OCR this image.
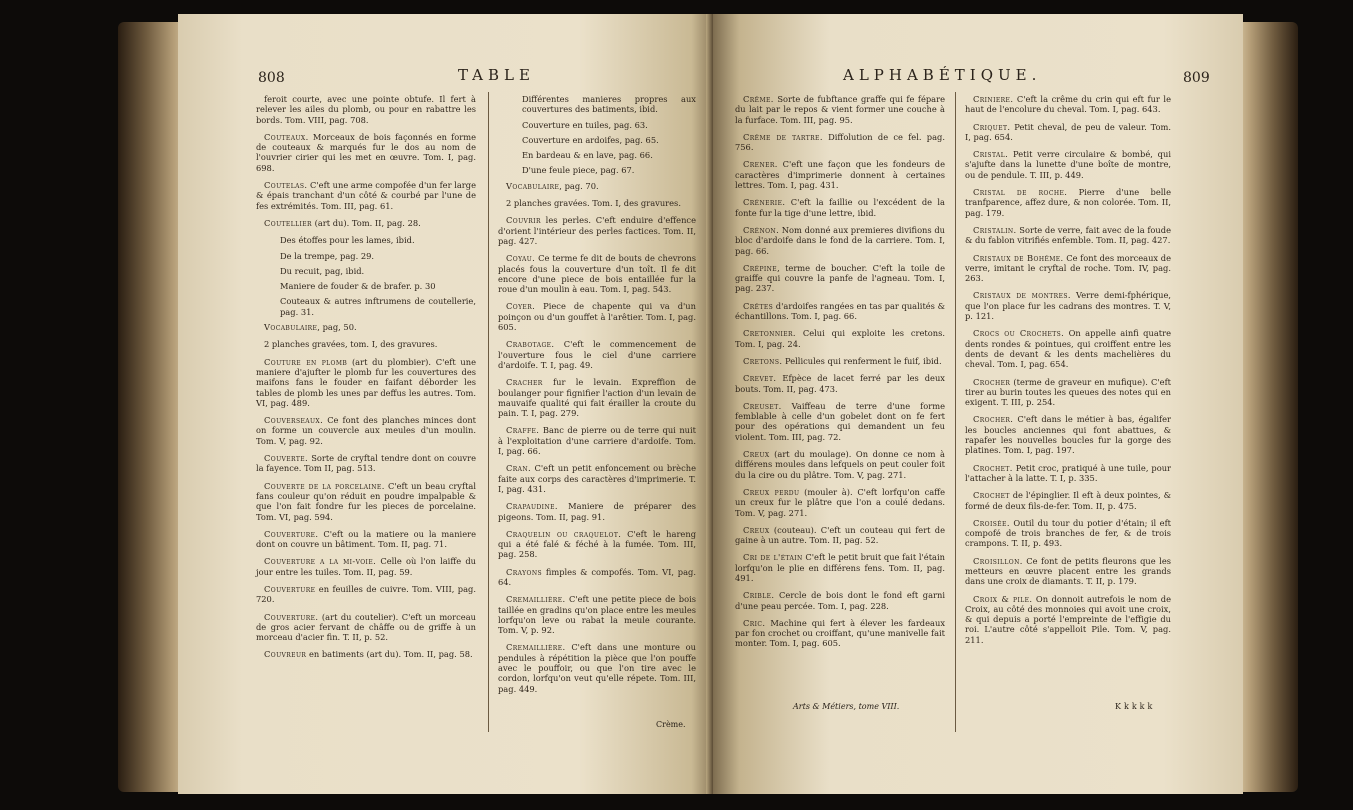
808	TABLE

feroit courte, avec une pointe obtufe. Il fert à relever les ailes du plomb, ou pour en rabattre les bords. Tom. VIII, pag. 708.

Couteaux. Morceaux de bois façonnés en forme de couteaux & marqués fur le dos au nom de l'ouvrier cirier qui les met en œuvre. Tom. I, pag. 698.

Coutelas. C'eft une arme compofée d'un fer large & épais tranchant d'un côté & courbé par l'une de fes extrémités. Tom. III, pag. 61.

Coutellier (art du). Tom. II, pag. 28.

Des étoffes pour les lames, ibid.

De la trempe, pag. 29.

Du recuit, pag, ibid.

Maniere de fouder & de brafer. p. 30

Couteaux & autres inftrumens de coutellerie, pag. 31.

Vocabulaire, pag, 50.

2 planches gravées, tom. I, des gravures.

Couture en plomb (art du plombier). C'eft une maniere d'ajufter le plomb fur les couvertures des maifons fans le fouder en faifant déborder les tables de plomb les unes par deffus les autres. Tom. VI, pag. 489.

Couverseaux. Ce font des planches minces dont on forme un couvercle aux meules d'un moulin. Tom. V, pag. 92.

Couverte. Sorte de cryftal tendre dont on couvre la fayence. Tom II, pag. 513.

Couverte de la porcelaine. C'eft un beau cryftal fans couleur qu'on réduit en poudre impalpable & que l'on fait fondre fur les pieces de porcelaine. Tom. VI, pag. 594.

Couverture. C'eft ou la matiere ou la maniere dont on couvre un bâtiment. Tom. II, pag. 71.

Couverture a la mi-voie. Celle où l'on laiffe du jour entre les tuiles. Tom. II, pag. 59.

Couverture en feuilles de cuivre. Tom. VIII, pag. 720.

Couverture. (art du coutelier). C'eft un morceau de gros acier fervant de châffe ou de griffe à un morceau d'acier fin. T. II, p. 52.

Couvreur en batiments (art du). Tom. II, pag. 58.

Différentes manieres propres aux couvertures des batiments, ibid.

Couverture en tuiles, pag. 63.

Couverture en ardoifes, pag. 65.

En bardeau & en lave, pag. 66.

D'une feule piece, pag. 67.

Vocabulaire, pag. 70.

2 planches gravées. Tom. I, des gravures.

Couvrir les perles. C'eft enduire d'effence d'orient l'intérieur des perles factices. Tom. II, pag. 427.

Coyau. Ce terme fe dit de bouts de chevrons placés fous la couverture d'un toît. Il fe dit encore d'une piece de bois entaillée fur la roue d'un moulin à eau. Tom. I, pag. 543.

Coyer. Piece de chapente qui va d'un poinçon ou d'un gouffet à l'arêtier. Tom. I, pag. 605.

Crabotage. C'eft le commencement de l'ouverture fous le ciel d'une carriere d'ardoife. T. I, pag. 49.

Cracher fur le levain. Expreffion de boulanger pour fignifier l'action d'un levain de mauvaife qualité qui fait érailler la croute du pain. T. I, pag. 279.

Craffe. Banc de pierre ou de terre qui nuit à l'exploitation d'une carriere d'ardoife. Tom. I, pag. 66.

Cran. C'eft un petit enfoncement ou brèche faite aux corps des caractères d'imprimerie. T. I, pag. 431.

Crapaudine. Maniere de préparer des pigeons. Tom. II, pag. 91.

Craquelin ou craquelot. C'eft le hareng qui a été falé & féché à la fumée. Tom. III, pag. 258.

Crayons fimples & compofés. Tom. VI, pag. 64.

Cremaillière. C'eft une petite piece de bois taillée en gradins qu'on place entre les meules lorfqu'on leve ou rabat la meule courante. Tom. V, p. 92.

Cremaillière. C'eft dans une monture ou pendules à répétition la pièce que l'on pouffe avec le pouffoir, ou que l'on tire avec le cordon, lorfqu'on veut qu'elle répete. Tom. III, pag. 449.

Crème.
ALPHABÉTIQUE.	809

Crême. Sorte de fubftance graffe qui fe fépare du lait par le repos & vient former une couche à la furface. Tom. III, pag. 95.

Crême de tartre. Diffolution de ce fel. pag. 756.

Crener. C'eft une façon que les fondeurs de caractères d'imprimerie donnent à certaines lettres. Tom. I, pag. 431.

Crénerie. C'eft la faillie ou l'excédent de la fonte fur la tige d'une lettre, ibid.

Crénon. Nom donné aux premieres divifions du bloc d'ardoife dans le fond de la carriere. Tom. I, pag. 66.

Crépine, terme de boucher. C'eft la toile de graiffe qui couvre la panfe de l'agneau. Tom. I, pag. 237.

Crêtes d'ardoifes rangées en tas par qualités & échantillons. Tom. I, pag. 66.

Cretonnier. Celui qui exploite les cretons. Tom. I, pag. 24.

Cretons. Pellicules qui renferment le fuif, ibid.

Crevet. Efpèce de lacet ferré par les deux bouts. Tom. II, pag. 473.

Creuset. Vaiffeau de terre d'une forme femblable à celle d'un gobelet dont on fe fert pour des opérations qui demandent un feu violent. Tom. III, pag. 72.

Creux (art du moulage). On donne ce nom à différens moules dans lefquels on peut couler foit du la cire ou du plâtre. Tom. V, pag. 271.

Creux perdu (mouler à). C'eft lorfqu'on caffe un creux fur le plâtre que l'on a coulé dedans. Tom. V, pag. 271.

Creux (couteau). C'eft un couteau qui fert de gaine à un autre. Tom. II, pag. 52.

Cri de l'étain C'eft le petit bruit que fait l'étain lorfqu'on le plie en différens fens. Tom. II, pag. 491.

Crible. Cercle de bois dont le fond eft garni d'une peau percée. Tom. I, pag. 228.

Cric. Machine qui fert à élever les fardeaux par fon crochet ou croiffant, qu'une manivelle fait monter. Tom. I, pag. 605.

Criniere. C'eft la crême du crin qui eft fur le haut de l'encolure du cheval. Tom. I, pag. 643.

Criquet. Petit cheval, de peu de valeur. Tom. I, pag. 654.

Cristal. Petit verre circulaire & bombé, qui s'ajufte dans la lunette d'une boîte de montre, ou de pendule. T. III, p. 449.

Cristal de roche. Pierre d'une belle tranfparence, affez dure, & non colorée. Tom. II, pag. 179.

Cristalin. Sorte de verre, fait avec de la foude & du fablon vitrifiés enfemble. Tom. II, pag. 427.

Cristaux de Bohême. Ce font des morceaux de verre, imitant le cryftal de roche. Tom. IV, pag. 263.

Cristaux de montres. Verre demi-fphérique, que l'on place fur les cadrans des montres. T. V, p. 121.

Crocs ou Crochets. On appelle ainfi quatre dents rondes & pointues, qui croiffent entre les dents de devant & les dents machelières du cheval. Tom. I, pag. 654.

Crocher (terme de graveur en mufique). C'eft tirer au burin toutes les queues des notes qui en exigent. T. III, p. 254.

Crocher. C'eft dans le métier à bas, égalifer les boucles anciennes qui font abattues, & rapafer les nouvelles boucles fur la gorge des platines. Tom. I, pag. 197.

Crochet. Petit croc, pratiqué à une tuile, pour l'attacher à la latte. T. I, p. 335.

Crochet de l'épinglier. Il eft à deux pointes, & formé de deux fils-de-fer. Tom. II, p. 475.

Croisée. Outil du tour du potier d'étain; il eft compofé de trois branches de fer, & de trois crampons. T. II, p. 493.

Croisillon. Ce font de petits fleurons que les metteurs en œuvre placent entre les grands dans une croix de diamants. T. II, p. 179.

Croix & pile. On donnoit autrefois le nom de Croix, au côté des monnoies qui avoit une croix, & qui depuis a porté l'empreinte de l'effigie du roi. L'autre côté s'appelloit Pile. Tom. V, pag. 211.

Arts & Métiers, tome VIII.	Kkkkk
